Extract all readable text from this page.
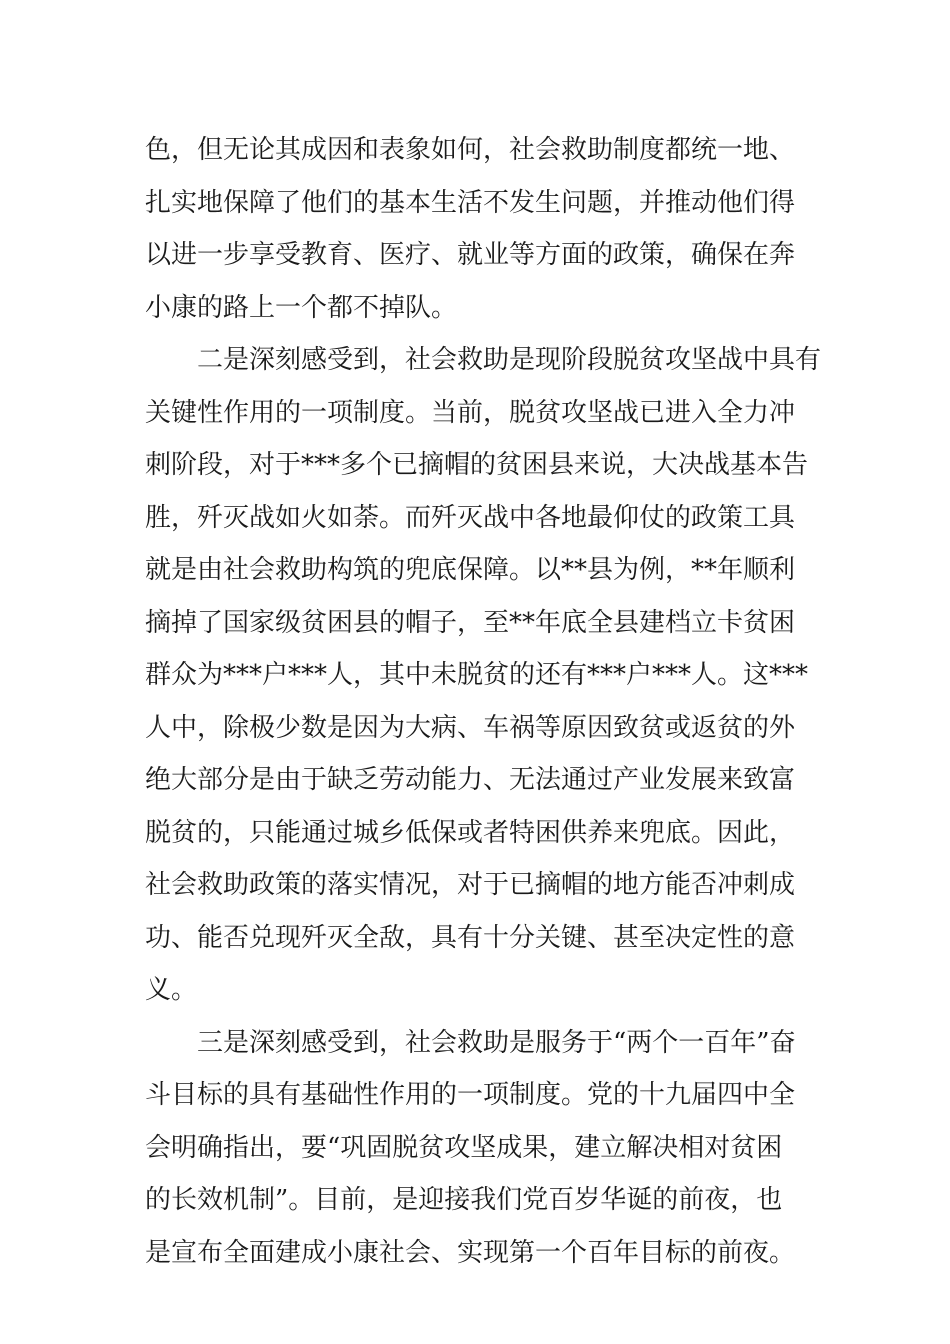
色，但无论其成因和表象如何，社会救助制度都统一地、
扎实地保障了他们的基本生活不发生问题，并推动他们得
以进一步享受教育、医疗、就业等方面的政策，确保在奔
小康的路上一个都不掉队。
　　二是深刻感受到，社会救助是现阶段脱贫攻坚战中具有
关键性作用的一项制度。当前，脱贫攻坚战已进入全力冲
刺阶段，对于***多个已摘帽的贫困县来说，大决战基本告
胜，歼灭战如火如荼。而歼灭战中各地最仰仗的政策工具
就是由社会救助构筑的兜底保障。以**县为例，**年顺利
摘掉了国家级贫困县的帽子，至**年底全县建档立卡贫困
群众为***户***人，其中未脱贫的还有***户***人。这***
人中，除极少数是因为大病、车祸等原因致贫或返贫的外
绝大部分是由于缺乏劳动能力、无法通过产业发展来致富
脱贫的，只能通过城乡低保或者特困供养来兜底。因此，
社会救助政策的落实情况，对于已摘帽的地方能否冲刺成
功、能否兑现歼灭全敌，具有十分关键、甚至决定性的意
义。
　　三是深刻感受到，社会救助是服务于“两个一百年”奋
斗目标的具有基础性作用的一项制度。党的十九届四中全
会明确指出，要“巩固脱贫攻坚成果，建立解决相对贫困
的长效机制”。目前，是迎接我们党百岁华诞的前夜，也
是宣布全面建成小康社会、实现第一个百年目标的前夜。
